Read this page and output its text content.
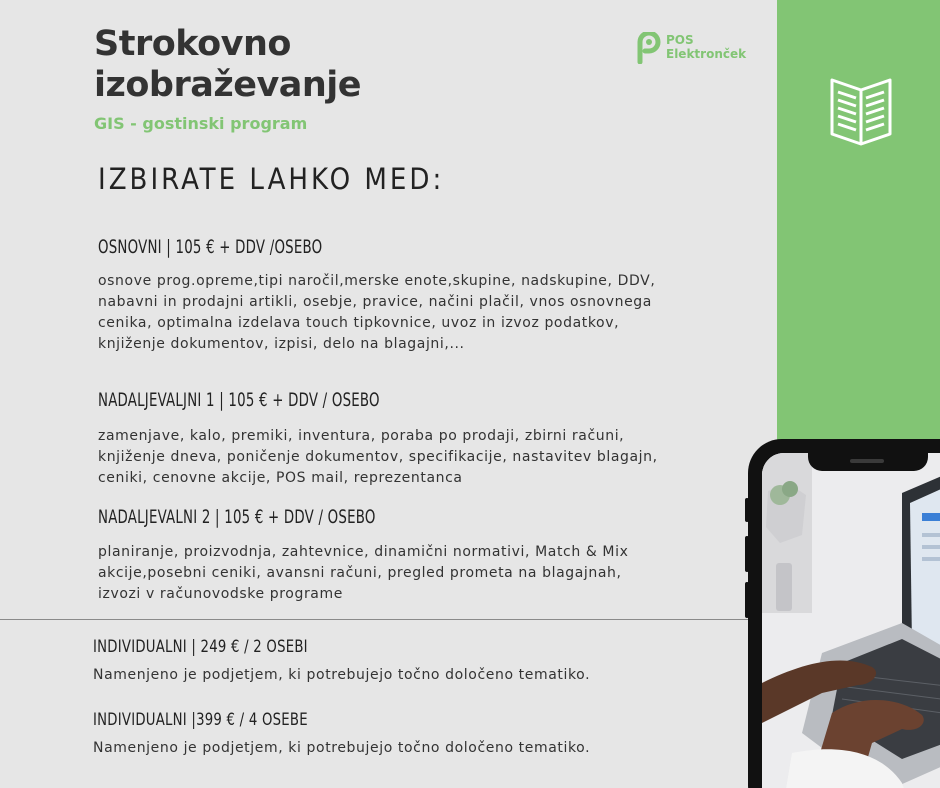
Strokovno
izobraževanje
GIS - gostinski program
POS
Elektronček
IZBIRATE LAHKO MED:
OSNOVNI | 105 € + DDV /OSEBO
osnove prog.opreme,tipi naročil,merske enote,skupine, nadskupine, DDV, nabavni in prodajni artikli, osebje, pravice, načini plačil, vnos osnovnega cenika, optimalna izdelava touch tipkovnice, uvoz in izvoz podatkov, knjiženje dokumentov, izpisi, delo na blagajni,...
NADALJEVALJNI 1 | 105 € + DDV / OSEBO
zamenjave, kalo, premiki, inventura, poraba po prodaji, zbirni računi, knjiženje dneva, poničenje dokumentov, specifikacije, nastavitev blagajn, ceniki, cenovne akcije, POS mail, reprezentanca
NADALJEVALNI 2 | 105 € + DDV / OSEBO
planiranje, proizvodnja, zahtevnice, dinamični normativi, Match & Mix akcije,posebni ceniki, avansni računi, pregled prometa na blagajnah, izvozi v računovodske programe
INDIVIDUALNI | 249 € / 2 OSEBI
Namenjeno je podjetjem, ki potrebujejo točno določeno tematiko.
INDIVIDUALNI |399 € / 4 OSEBE
Namenjeno je podjetjem, ki potrebujejo točno določeno tematiko.
